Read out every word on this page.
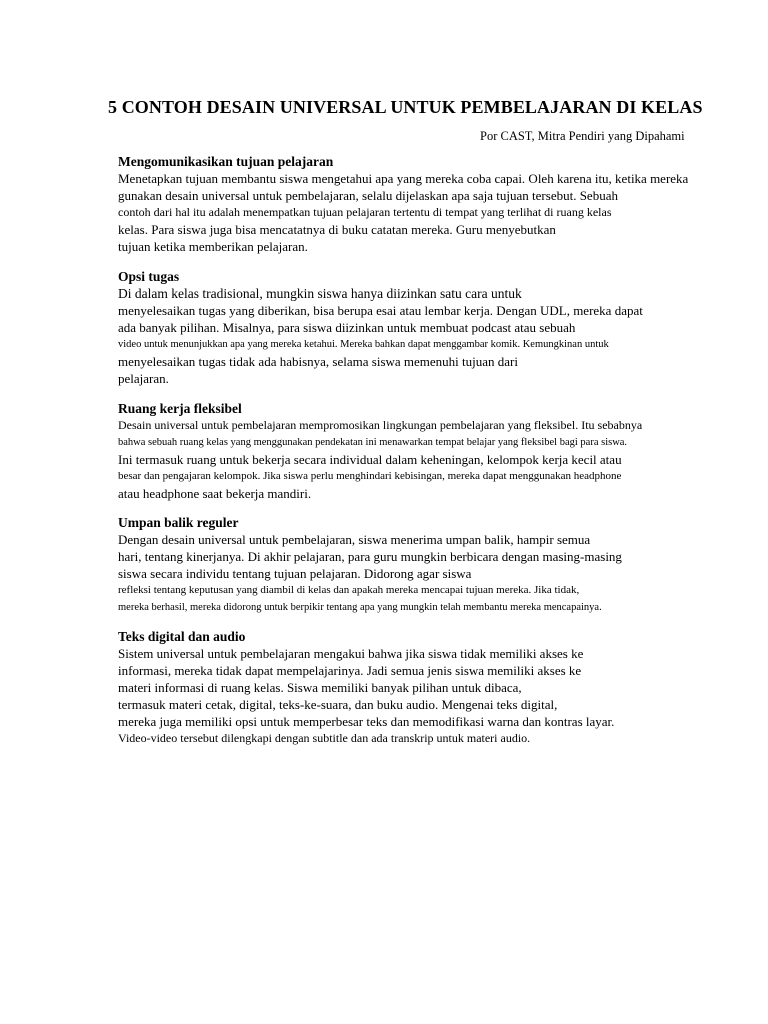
5 CONTOH DESAIN UNIVERSAL UNTUK PEMBELAJARAN DI KELAS
Por CAST, Mitra Pendiri yang Dipahami
Mengomunikasikan tujuan pelajaran
Menetapkan tujuan membantu siswa mengetahui apa yang mereka coba capai. Oleh karena itu, ketika mereka
gunakan desain universal untuk pembelajaran, selalu dijelaskan apa saja tujuan tersebut. Sebuah
contoh dari hal itu adalah menempatkan tujuan pelajaran tertentu di tempat yang terlihat di ruang kelas
kelas. Para siswa juga bisa mencatatnya di buku catatan mereka. Guru menyebutkan
tujuan ketika memberikan pelajaran.
Opsi tugas
Di dalam kelas tradisional, mungkin siswa hanya diizinkan satu cara untuk
menyelesaikan tugas yang diberikan, bisa berupa esai atau lembar kerja. Dengan UDL, mereka dapat
ada banyak pilihan. Misalnya, para siswa diizinkan untuk membuat podcast atau sebuah
video untuk menunjukkan apa yang mereka ketahui. Mereka bahkan dapat menggambar komik. Kemungkinan untuk
menyelesaikan tugas tidak ada habisnya, selama siswa memenuhi tujuan dari
pelajaran.
Ruang kerja fleksibel
Desain universal untuk pembelajaran mempromosikan lingkungan pembelajaran yang fleksibel. Itu sebabnya
bahwa sebuah ruang kelas yang menggunakan pendekatan ini menawarkan tempat belajar yang fleksibel bagi para siswa.
Ini termasuk ruang untuk bekerja secara individual dalam keheningan, kelompok kerja kecil atau
besar dan pengajaran kelompok. Jika siswa perlu menghindari kebisingan, mereka dapat menggunakan headphone
atau headphone saat bekerja mandiri.
Umpan balik reguler
Dengan desain universal untuk pembelajaran, siswa menerima umpan balik, hampir semua
hari, tentang kinerjanya. Di akhir pelajaran, para guru mungkin berbicara dengan masing-masing
siswa secara individu tentang tujuan pelajaran. Didorong agar siswa
refleksi tentang keputusan yang diambil di kelas dan apakah mereka mencapai tujuan mereka. Jika tidak,
mereka berhasil, mereka didorong untuk berpikir tentang apa yang mungkin telah membantu mereka mencapainya.
Teks digital dan audio
Sistem universal untuk pembelajaran mengakui bahwa jika siswa tidak memiliki akses ke
informasi, mereka tidak dapat mempelajarinya. Jadi semua jenis siswa memiliki akses ke
materi informasi di ruang kelas. Siswa memiliki banyak pilihan untuk dibaca,
termasuk materi cetak, digital, teks-ke-suara, dan buku audio. Mengenai teks digital,
mereka juga memiliki opsi untuk memperbesar teks dan memodifikasi warna dan kontras layar.
Video-video tersebut dilengkapi dengan subtitle dan ada transkrip untuk materi audio.
